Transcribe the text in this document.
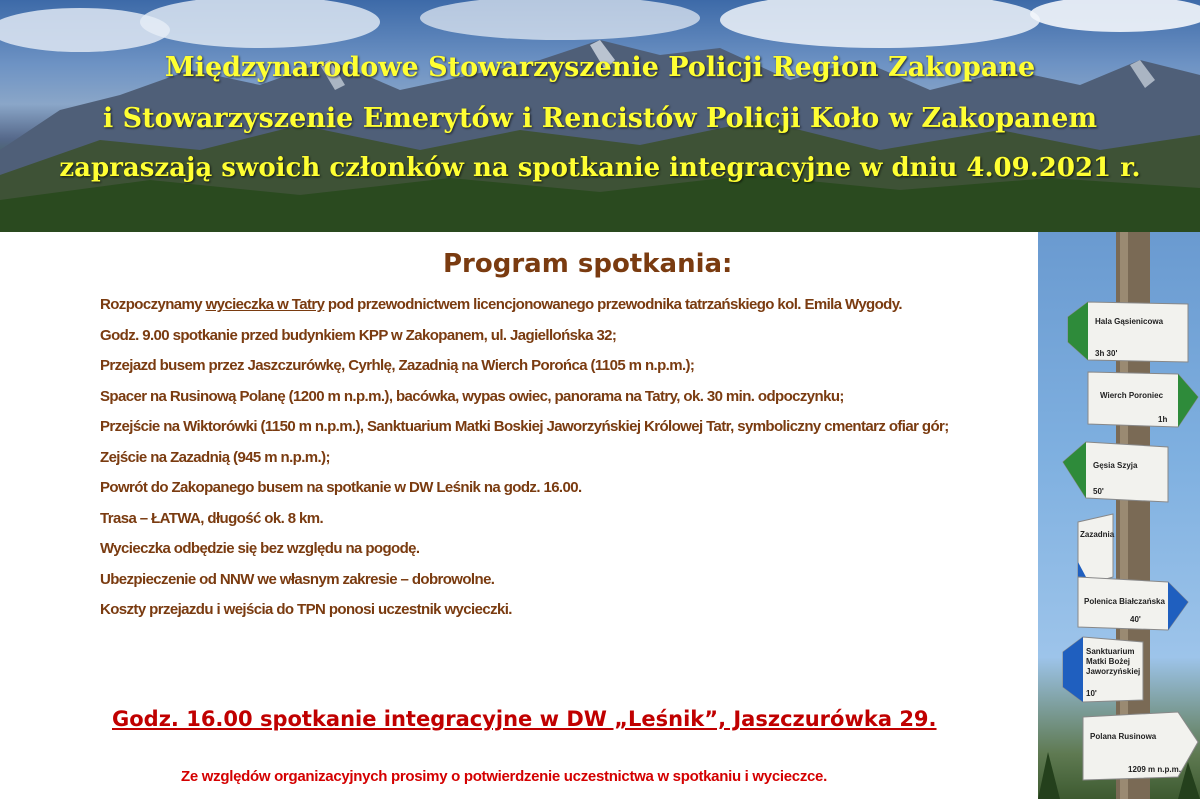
Międzynarodowe Stowarzyszenie Policji Region Zakopane
i Stowarzyszenie Emerytów i Rencistów Policji Koło w Zakopanem
zapraszają swoich członków na spotkanie integracyjne w dniu 4.09.2021 r.
Hala Gąsienicowa
3h 30'
Wierch Poroniec
1h
Gęsia Szyja
50'
Zazadnia
Polenica Białczańska
40'
Sanktuarium
Matki Bożej
Jaworzyńskiej
10'
Polana Rusinowa
1209 m n.p.m.
Program spotkania:
Rozpoczynamy wycieczka w Tatry pod przewodnictwem licencjonowanego przewodnika tatrzańskiego kol. Emila Wygody.
Godz. 9.00 spotkanie przed budynkiem KPP w Zakopanem, ul. Jagiellońska 32;
Przejazd busem przez Jaszczurówkę, Cyrhlę, Zazadnią na Wierch Porońca (1105 m n.p.m.);
Spacer na Rusinową Polanę (1200 m n.p.m.), bacówka, wypas owiec, panorama na Tatry, ok. 30 min. odpoczynku;
Przejście na Wiktorówki (1150 m n.p.m.), Sanktuarium Matki Boskiej Jaworzyńskiej Królowej Tatr, symboliczny cmentarz ofiar gór;
Zejście na Zazadnią (945 m n.p.m.);
Powrót do Zakopanego busem na spotkanie w DW Leśnik na godz. 16.00.
Trasa – ŁATWA, długość ok. 8 km.
Wycieczka odbędzie się bez względu na pogodę.
Ubezpieczenie od NNW we własnym zakresie – dobrowolne.
Koszty przejazdu i wejścia do TPN ponosi uczestnik wycieczki.

Godz. 16.00 spotkanie integracyjne w DW „Leśnik”, Jaszczurówka 29.

Ze względów organizacyjnych prosimy o potwierdzenie uczestnictwa w spotkaniu i wycieczce.
